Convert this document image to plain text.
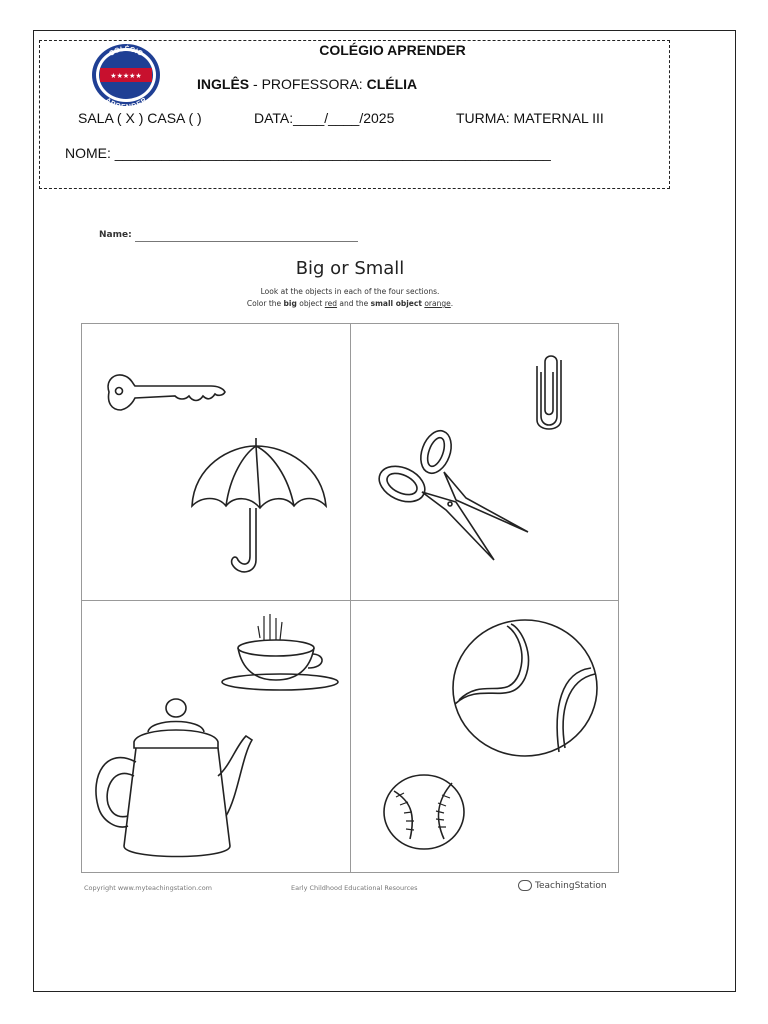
★★★★★
COLÉGIO
APRENDER
COLÉGIO APRENDER
INGLÊS - PROFESSORA: CLÉLIA
SALA ( X ) CASA ( )	DATA:____/____/2025	TURMA: MATERNAL III
NOME: ________________________________________________________
Name:
Big or Small
Look at the objects in each of the four sections.
Color the big object red and the small object orange.
Copyright www.myteachingstation.com	Early Childhood Educational Resources	TeachingStation
